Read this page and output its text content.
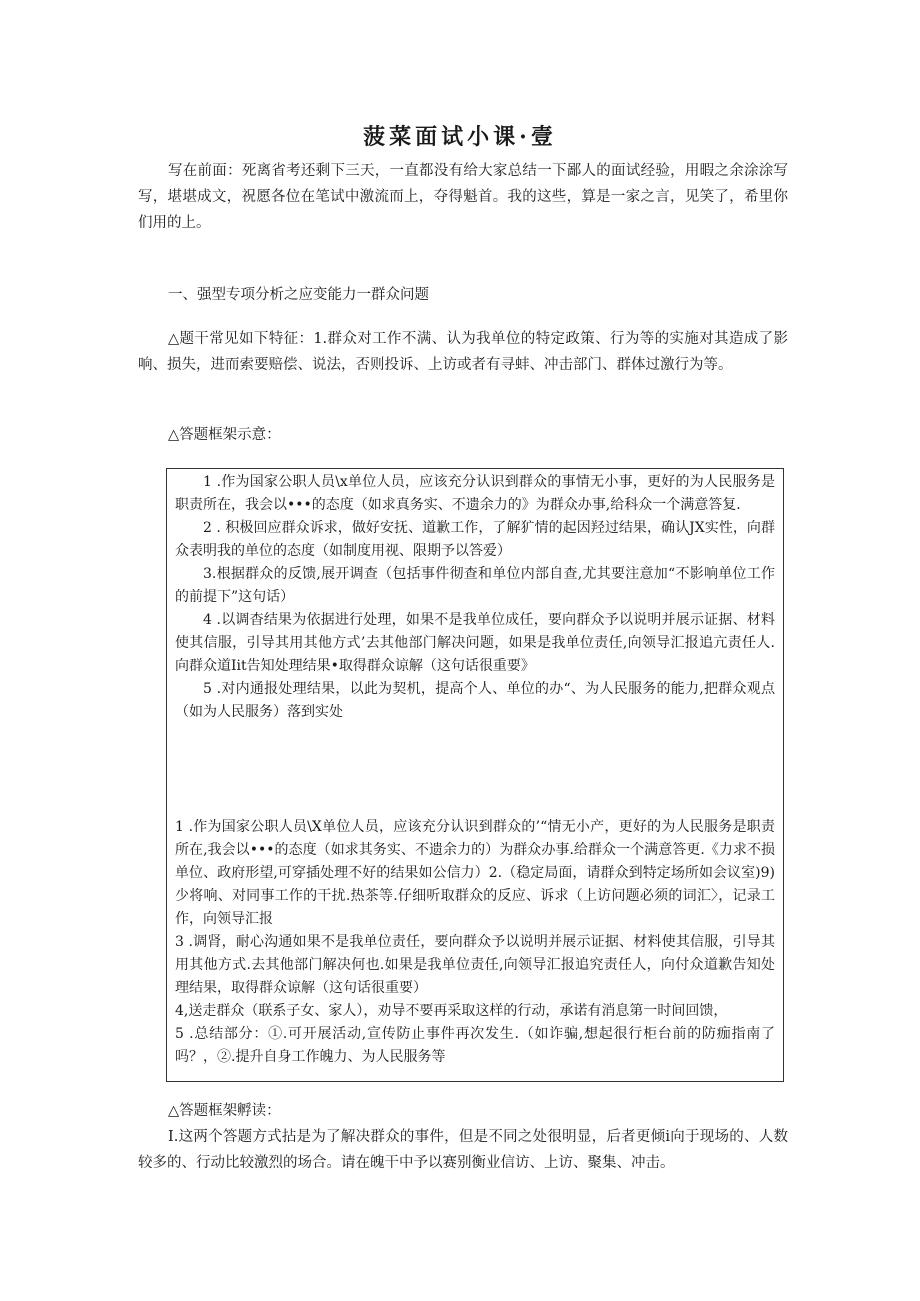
菠菜面试小课·壹

写在前面：死离省考还剩下三天，一直都没有给大家总结一下鄙人的面试经验，用暇之余涂涂写写，堪堪成文，祝愿各位在笔试中激流而上，夺得魁首。我的这些，算是一家之言，见笑了，希里你们用的上。

一、强型专项分析之应变能力一群众问题

△题干常见如下特征：1.群众对工作不满、认为我单位的特定政策、行为等的实施对其造成了影响、损失，进而索要赔偿、说法，否则投诉、上访或者有寻蚌、冲击部门、群体过激行为等。

△答题框架示意：

1 .作为国家公职人员\x单位人员，应该充分认识到群众的事情无小事，更好的为人民服务是职责所在，我会以•••的态度（如求真务实、不遗余力的》为群众办事,给科众一个满意答复.

2 . 积极回应群众诉求，做好安抚、道歉工作，了解犷情的起因羟过结果，确认JX实性，向群众表明我的单位的态度（如制度用视、限期予以答爱）

3.根据群众的反馈,展开调查（包括事件彻查和单位内部自查,尤其要注意加“不影响单位工作的前提下”这句话）

4 .以调杳结果为依据进行处理，如果不是我单位成任，要向群众予以说明并展示证据、材料使其信服，引导其用其他方式’去其他部门解决问题，如果是我单位责任,向领导汇报追亢责任人. 向群众道Iit告知处理结果•取得群众谅解（这句话很重要》

5 .对内通报处理结果，以此为契机，提高个人、单位的办“、为人民服务的能力,把群众观点（如为人民服务）落到实处

1 .作为国家公职人员\X单位人员，应该充分认识到群众的’“情无小产，更好的为人民服务是职责所在,我会以•••的态度（如求其务实、不遗余力的）为群众办事.给群众一个满意答更.《力求不损单位、政府形望,可穿插处理不好的结果如公信力）2.（稳定局面，请群众到特定场所如会议室)9)少将响、对同事工作的干扰.热茶等.仔细听取群众的反应、诉求（上访问题必须的词汇〉，记录工作，向领导汇报

3 .调肾，耐心沟通如果不是我单位责任，要向群众予以说明并展示证据、材料使其信服，引导其用其他方式.去其他部门解决何也.如果是我单位责任,向领导汇报追究责任人，向付众道歉告知处理结果，取得群众谅解（这句话很重要）

4,送走群众（联系子女、家人），劝导不要再采取这样的行动，承诺有消息第一时间回馈，

5 .总结部分：①.可开展活动,宣传防止事件再次发生.（如诈骗,想起很行柜台前的防痂指南了吗？，②.提升自身工作魄力、为人民服务等

△答题框架孵读：

I.这两个答题方式拈是为了解决群众的事件，但是不同之处很明显，后者更倾i向于现场的、人数较多的、行动比较激烈的场合。请在魄干中予以赛别衡业信访、上访、聚集、冲击。
